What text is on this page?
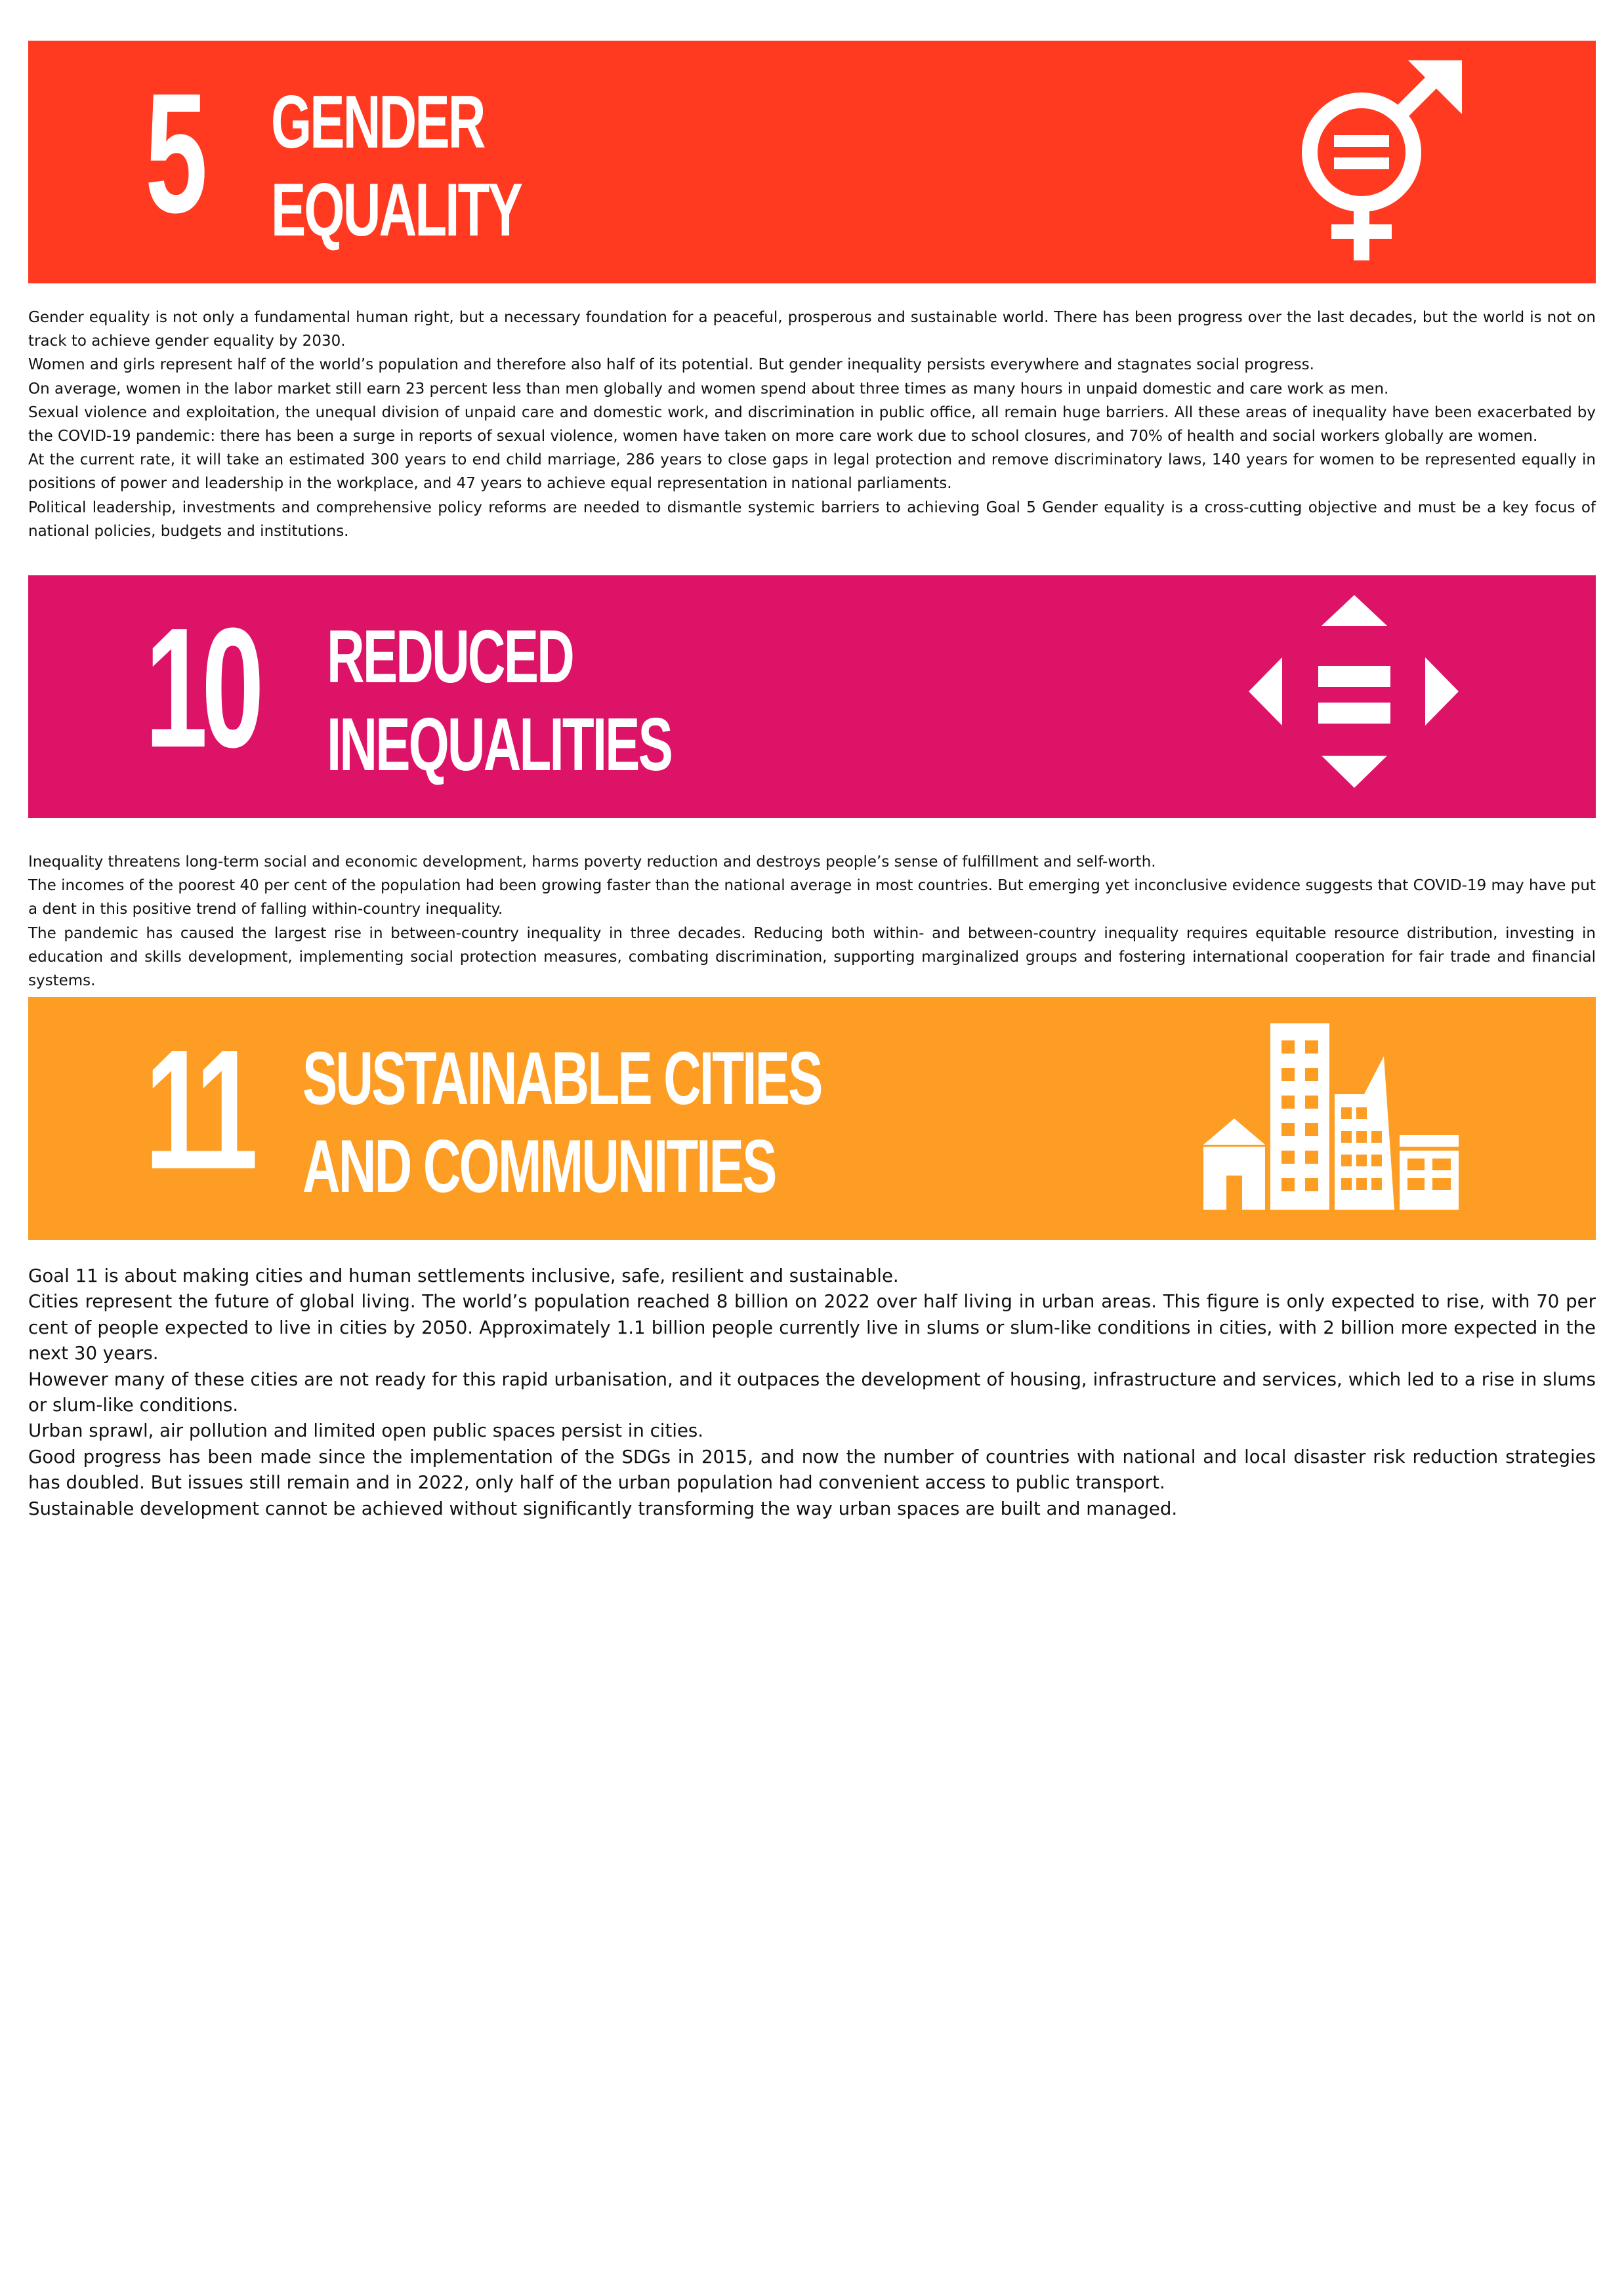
5 GENDER
EQUALITY

Gender equality is not only a fundamental human right, but a necessary foundation for a peaceful, prosperous and sustainable world. There has been progress over the last decades, but the world is not on track to achieve gender equality by 2030.

Women and girls represent half of the world’s population and therefore also half of its potential. But gender inequality persists everywhere and stagnates social progress.

On average, women in the labor market still earn 23 percent less than men globally and women spend about three times as many hours in unpaid domestic and care work as men.

Sexual violence and exploitation, the unequal division of unpaid care and domestic work, and discrimination in public office, all remain huge barriers. All these areas of inequality have been exacerbated by the COVID-19 pandemic: there has been a surge in reports of sexual violence, women have taken on more care work due to school closures, and 70% of health and social workers globally are women.

At the current rate, it will take an estimated 300 years to end child marriage, 286 years to close gaps in legal protection and remove discriminatory laws, 140 years for women to be represented equally in positions of power and leadership in the workplace, and 47 years to achieve equal representation in national parliaments.

Political leadership, investments and comprehensive policy reforms are needed to dismantle systemic barriers to achieving Goal 5 Gender equality is a cross-cutting objective and must be a key focus of national policies, budgets and institutions.

10 REDUCED
INEQUALITIES

Inequality threatens long-term social and economic development, harms poverty reduction and destroys people’s sense of fulfillment and self-worth.

The incomes of the poorest 40 per cent of the population had been growing faster than the national average in most countries. But emerging yet inconclusive evidence suggests that COVID-19 may have put a dent in this positive trend of falling within-country inequality.

The pandemic has caused the largest rise in between-country inequality in three decades. Reducing both within- and between-country inequality requires equitable resource distribution, investing in education and skills development, implementing social protection measures, combating discrimination, supporting marginalized groups and fostering international cooperation for fair trade and financial systems.

11 SUSTAINABLE CITIES
AND COMMUNITIES

Goal 11 is about making cities and human settlements inclusive, safe, resilient and sustainable.

Cities represent the future of global living. The world’s population reached 8 billion on 2022 over half living in urban areas. This figure is only expected to rise, with 70 per cent of people expected to live in cities by 2050. Approximately 1.1 billion people currently live in slums or slum-like conditions in cities, with 2 billion more expected in the next 30 years.

However many of these cities are not ready for this rapid urbanisation, and it outpaces the development of housing, infrastructure and services, which led to a rise in slums or slum-like conditions.

Urban sprawl, air pollution and limited open public spaces persist in cities.

Good progress has been made since the implementation of the SDGs in 2015, and now the number of countries with national and local disaster risk reduction strategies has doubled. But issues still remain and in 2022, only half of the urban population had convenient access to public transport.

Sustainable development cannot be achieved without significantly transforming the way urban spaces are built and managed.
